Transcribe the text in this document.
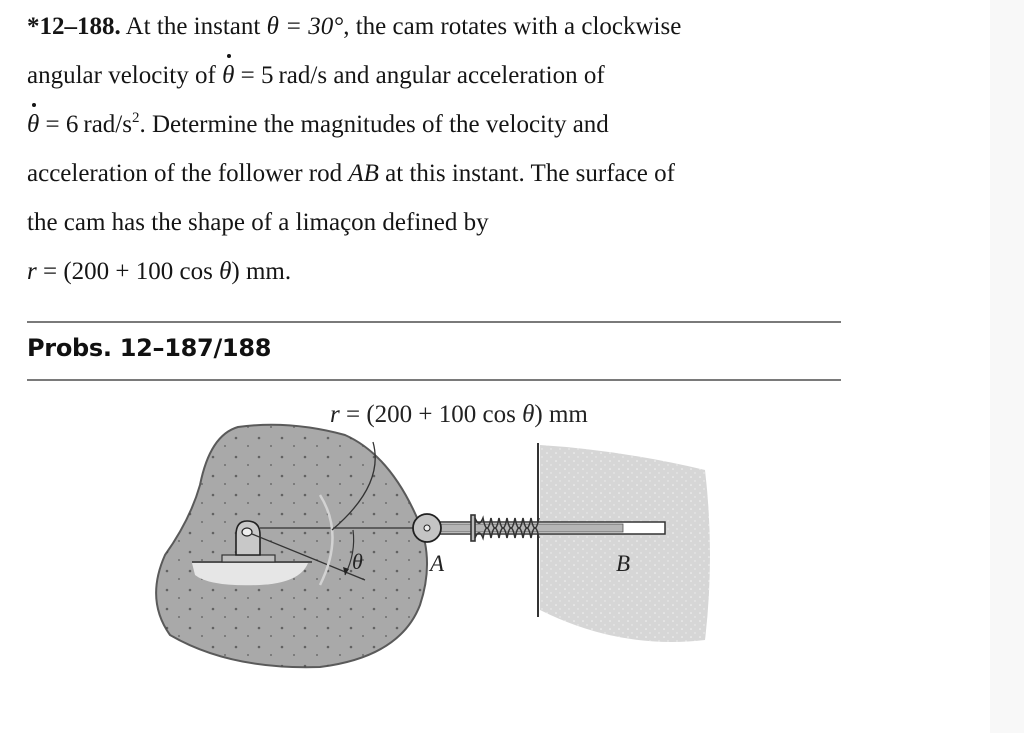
*12–188. At the instant θ = 30°, the cam rotates with a clockwise
angular velocity of θ = 5 rad/s and angular acceleration of
θ = 6 rad/$s^2$. Determine the magnitudes of the velocity and
acceleration of the follower rod AB at this instant. The surface of
the cam has the shape of a limaçon defined by
r = (200 + 100 cos θ) mm.
Probs. 12–187/188
θ	A	B
r = (200 + 100 cos θ) mm
